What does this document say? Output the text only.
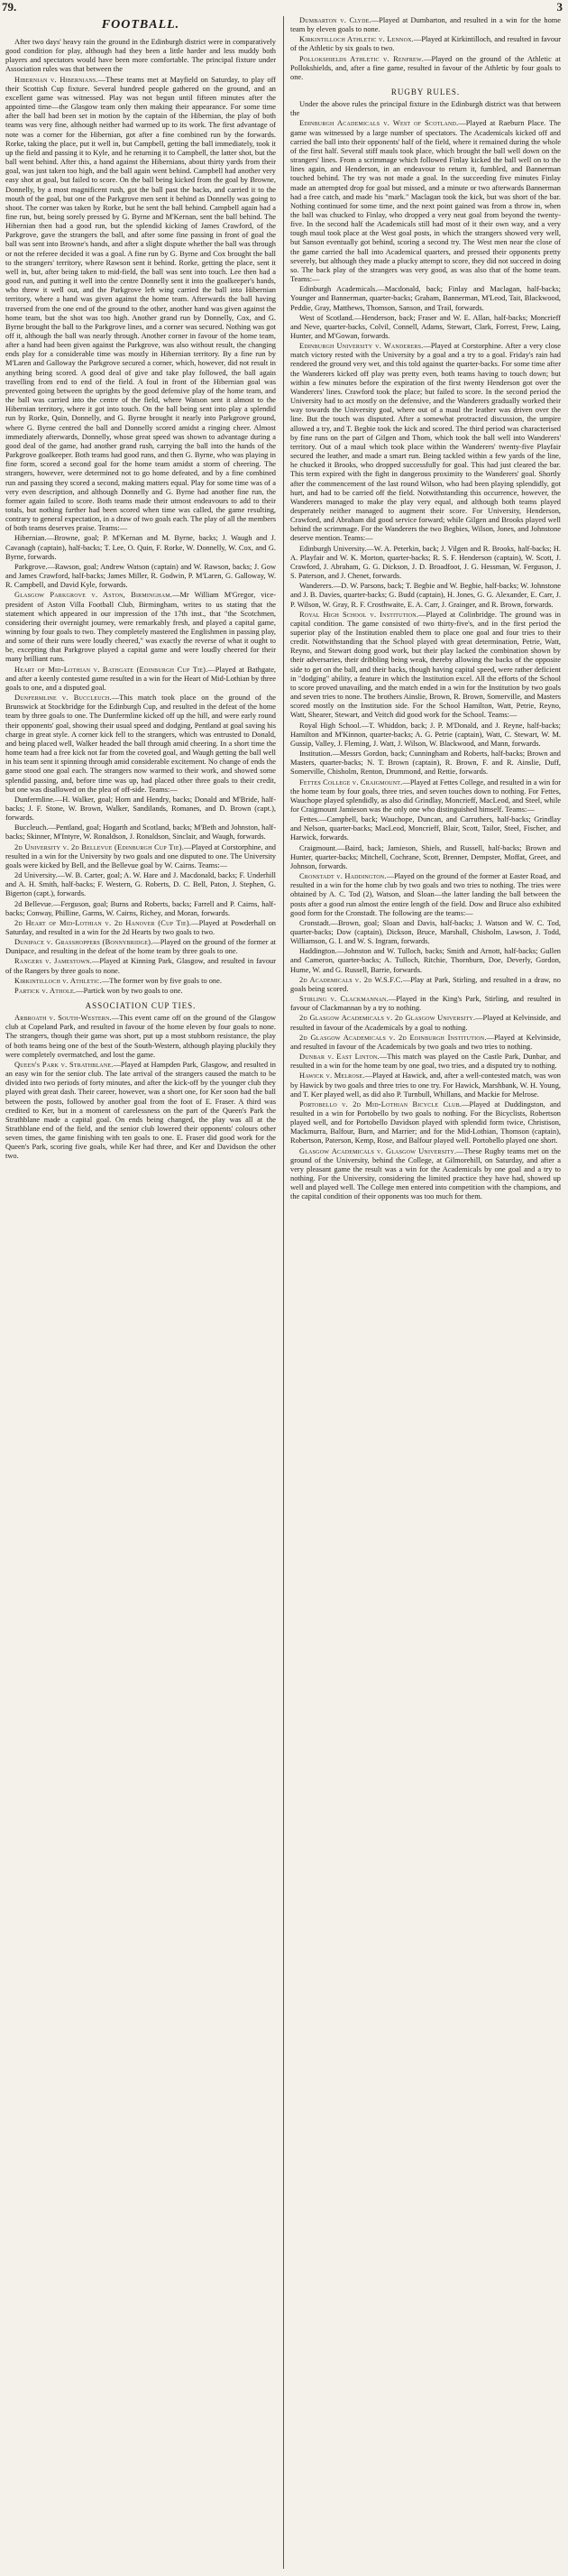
79.	3
FOOTBALL.
After two days' heavy rain the ground in the Edinburgh district were in comparatively good condition for play, although had they been a little harder and less muddy both players and spectators would have been more comfortable. The principal fixture under Association rules was that between the
Hibernian v. Hibernians.—These teams met at Mayfield on Saturday, to play off their Scottish Cup fixture. Several hundred people gathered on the ground, and an excellent game was witnessed. Play was not begun until fifteen minutes after the appointed time—the Glasgow team only then making their appearance. For some time after the ball had been set in motion by the captain of the Hibernian, the play of both teams was very fine, although neither had warmed up to its work. The first advantage of note was a corner for the Hibernian, got after a fine combined run by the forwards. Rorke, taking the place, put it well in, but Campbell, getting the ball immediately, took it up the field and passing it to Kyle, and he returning it to Campbell, the latter shot, but the ball went behind. After this, a hand against the Hibernians, about thirty yards from their goal, was just taken too high, and the ball again went behind. Campbell had another very easy shot at goal, but failed to score. On the ball being kicked from the goal by Browne, Donnelly, by a most magnificent rush, got the ball past the backs, and carried it to the mouth of the goal, but one of the Parkgrove men sent it behind as Donnelly was going to shoot. The corner was taken by Rorke, but he sent the ball behind. Campbell again had a fine run, but, being sorely pressed by G. Byrne and M'Kernan, sent the ball behind. The Hibernian then had a good run, but the splendid kicking of James Crawford, of the Parkgrove, gave the strangers the ball, and after some fine passing in front of goal the ball was sent into Browne's hands, and after a slight dispute whether the ball was through or not the referee decided it was a goal. A fine run by G. Byrne and Cox brought the ball to the strangers' territory, where Rawson sent it behind. Rorke, getting the place, sent it well in, but, after being taken to mid-field, the ball was sent into touch. Lee then had a good run, and putting it well into the centre Donnelly sent it into the goalkeeper's hands, who threw it well out, and the Parkgrove left wing carried the ball into Hibernian territory, where a hand was given against the home team. Afterwards the ball having traversed from the one end of the ground to the other, another hand was given against the home team, but the shot was too high. Another grand run by Donnelly, Cox, and G. Byrne brought the ball to the Parkgrove lines, and a corner was secured. Nothing was got off it, although the ball was nearly through. Another corner in favour of the home team, after a hand had been given against the Parkgrove, was also without result, the changing ends play for a considerable time was mostly in Hibernian territory. By a fine run by M'Laren and Galloway the Parkgrove secured a corner, which, however, did not result in anything being scored. A good deal of give and take play followed, the ball again travelling from end to end of the field. A foul in front of the Hibernian goal was prevented going between the uprights by the good defensive play of the home team, and the ball was carried into the centre of the field, where Watson sent it almost to the Hibernian territory, where it got into touch. On the ball being sent into play a splendid run by Rorke, Quin, Donnelly, and G. Byrne brought it nearly into Parkgrove ground, where G. Byrne centred the ball and Donnelly scored amidst a ringing cheer. Almost immediately afterwards, Donnelly, whose great speed was shown to advantage during a good deal of the game, had another grand rush, carrying the ball into the hands of the Parkgrove goalkeeper. Both teams had good runs, and then G. Byrne, who was playing in fine form, scored a second goal for the home team amidst a storm of cheering. The strangers, however, were determined not to go home defeated, and by a fine combined run and passing they scored a second, making matters equal. Play for some time was of a very even description, and although Donnelly and G. Byrne had another fine run, the former again failed to score. Both teams made their utmost endeavours to add to their totals, but nothing further had been scored when time was called, the game resulting, contrary to general expectation, in a draw of two goals each. The play of all the members of both teams deserves praise. Teams:—
Hibernian.—Browne, goal; P. M'Kernan and M. Byrne, backs; J. Waugh and J. Cavanagh (captain), half-backs; T. Lee, O. Quin, F. Rorke, W. Donnelly, W. Cox, and G. Byrne, forwards.
Parkgrove.—Rawson, goal; Andrew Watson (captain) and W. Rawson, backs; J. Gow and James Crawford, half-backs; James Miller, R. Godwin, P. M'Laren, G. Galloway, W. R. Campbell, and David Kyle, forwards.
Glasgow Parkgrove v. Aston, Birmingham.—Mr William M'Gregor, vice-president of Aston Villa Football Club, Birmingham, writes to us stating that the statement which appeared in our impression of the 17th inst., that "the Scotchmen, considering their overnight journey, were remarkably fresh, and played a capital game, winning by four goals to two. They completely mastered the Englishmen in passing play, and some of their runs were loudly cheered," was exactly the reverse of what it ought to be, excepting that Parkgrove played a capital game and were loudly cheered for their many brilliant runs.
Heart of Mid-Lothian v. Bathgate (Edinburgh Cup Tie).—Played at Bathgate, and after a keenly contested game resulted in a win for the Heart of Mid-Lothian by three goals to one, and a disputed goal.
Dunfermline v. Buccleuch.—This match took place on the ground of the Brunswick at Stockbridge for the Edinburgh Cup, and resulted in the defeat of the home team by three goals to one. The Dunfermline kicked off up the hill, and were early round their opponents' goal, showing their usual speed and dodging, Pentland at goal saving his charge in great style. A corner kick fell to the strangers, which was entrusted to Donald, and being placed well, Walker headed the ball through amid cheering. In a short time the home team had a free kick not far from the coveted goal, and Waugh getting the ball well in his team sent it spinning through amid considerable excitement. No change of ends the game stood one goal each. The strangers now warmed to their work, and showed some splendid passing, and, before time was up, had placed other three goals to their credit, but one was disallowed on the plea of off-side. Teams:—
Dunfermline.—H. Walker, goal; Horn and Hendry, backs; Donald and M'Bride, half-backs; J. F. Stone, W. Brown, Walker, Sandilands, Romanes, and D. Brown (capt.), forwards.
Buccleuch.—Pentland, goal; Hogarth and Scotland, backs; M'Beth and Johnston, half-backs; Skinner, M'Intyre, W. Ronaldson, J. Ronaldson, Sinclair, and Waugh, forwards.
2d University v. 2d Bellevue (Edinburgh Cup Tie).—Played at Corstorphine, and resulted in a win for the University by two goals and one disputed to one. The University goals were kicked by Bell, and the Bellevue goal by W. Cairns. Teams:—
2d University.—W. B. Carter, goal; A. W. Hare and J. Macdonald, backs; F. Underhill and A. H. Smith, half-backs; F. Western, G. Roberts, D. C. Bell, Paton, J. Stephen, G. Bigerton (capt.), forwards.
2d Bellevue.—Ferguson, goal; Burns and Roberts, backs; Farrell and P. Cairns, half-backs; Conway, Philline, Garms, W. Cairns, Richey, and Moran, forwards.
2d Heart of Mid-Lothian v. 2d Hanover (Cup Tie).—Played at Powderhall on Saturday, and resulted in a win for the 2d Hearts by two goals to two.
Dunipace v. Grasshoppers (Bonnybridge).—Played on the ground of the former at Dunipace, and resulting in the defeat of the home team by three goals to one.
Rangers v. Jamestown.—Played at Kinning Park, Glasgow, and resulted in favour of the Rangers by three goals to none.
Kirkintilloch v. Athletic.—The former won by five goals to one.
Partick v. Athole.—Partick won by two goals to one.
ASSOCIATION CUP TIES.
Arbroath v. South-Western.—This event came off on the ground of the Glasgow club at Copeland Park, and resulted in favour of the home eleven by four goals to none. The strangers, though their game was short, put up a most stubborn resistance, the play of both teams being one of the best of the South-Western, although playing pluckily they were completely overmatched, and lost the game.
Queen's Park v. Strathblane.—Played at Hampden Park, Glasgow, and resulted in an easy win for the senior club. The late arrival of the strangers caused the match to be divided into two periods of forty minutes, and after the kick-off by the younger club they played with great dash. Their career, however, was a short one, for Ker soon had the ball between the posts, followed by another goal from the foot of E. Fraser. A third was credited to Ker, but in a moment of carelessness on the part of the Queen's Park the Strathblane made a capital goal. On ends being changed, the play was all at the Strathblane end of the field, and the senior club lowered their opponents' colours other seven times, the game finishing with ten goals to one. E. Fraser did good work for the Queen's Park, scoring five goals, while Ker had three, and Ker and Davidson the other two.
Dumbarton v. Clyde.—Played at Dumbarton, and resulted in a win for the home team by eleven goals to none.
Kirkintilloch Athletic v. Lennox.—Played at Kirkintilloch, and resulted in favour of the Athletic by six goals to two.
Pollokshields Athletic v. Renfrew.—Played on the ground of the Athletic at Pollokshields, and, after a fine game, resulted in favour of the Athletic by four goals to one.
RUGBY RULES.
Under the above rules the principal fixture in the Edinburgh district was that between the
Edinburgh Academicals v. West of Scotland.—Played at Raeburn Place. The game was witnessed by a large number of spectators. The Academicals kicked off and carried the ball into their opponents' half of the field, where it remained during the whole of the first half. Several stiff mauls took place, which brought the ball well down on the strangers' lines. From a scrimmage which followed Finlay kicked the ball well on to the lines again, and Henderson, in an endeavour to return it, fumbled, and Bannerman touched behind. The try was not made a goal. In the succeeding five minutes Finlay made an attempted drop for goal but missed, and a minute or two afterwards Bannerman had a free catch, and made his "mark." Maclagan took the kick, but was short of the bar. Nothing continued for some time, and the next point gained was from a throw in, when the ball was chucked to Finlay, who dropped a very neat goal from beyond the twenty-five. In the second half the Academicals still had most of it their own way, and a very tough maul took place at the West goal posts, in which the strangers showed very well, but Sanson eventually got behind, scoring a second try. The West men near the close of the game carried the ball into Academical quarters, and pressed their opponents pretty severely, but although they made a plucky attempt to score, they did not succeed in doing so. The back play of the strangers was very good, as was also that of the home team. Teams:—
Edinburgh Academicals.—Macdonald, back; Finlay and Maclagan, half-backs; Younger and Bannerman, quarter-backs; Graham, Bannerman, M'Leod, Tait, Blackwood, Peddie, Gray, Matthews, Thomson, Sanson, and Trail, forwards.
West of Scotland.—Henderson, back; Fraser and W. E. Allan, half-backs; Moncrieff and Neve, quarter-backs, Colvil, Connell, Adams, Stewart, Clark, Forrest, Frew, Laing, Hunter, and M'Gowan, forwards.
Edinburgh University v. Wanderers.—Played at Corstorphine. After a very close match victory rested with the University by a goal and a try to a goal. Friday's rain had rendered the ground very wet, and this told against the quarter-backs. For some time after the Wanderers kicked off play was pretty even, both teams having to touch down; but within a few minutes before the expiration of the first twenty Henderson got over the Wanderers' lines. Crawford took the place; but failed to score. In the second period the University had to act mostly on the defensive, and the Wanderers gradually worked their way towards the University goal, where out of a maul the leather was driven over the line. But the touch was disputed. After a somewhat protracted discussion, the umpire allowed a try, and T. Begbie took the kick and scored. The third period was characterised by fine runs on the part of Gilgen and Thom, which took the ball well into Wanderers' territory. Out of a maul which took place within the Wanderers' twenty-five Playfair secured the leather, and made a smart run. Being tackled within a few yards of the line, he chucked it Brooks, who dropped successfully for goal. This had just cleared the bar. This term expired with the fight in dangerous proximity to the Wanderers' goal. Shortly after the commencement of the last round Wilson, who had been playing splendidly, got hurt, and had to be carried off the field. Notwithstanding this occurrence, however, the Wanderers managed to make the play very equal, and although both teams played desperately neither managed to augment their score. For University, Henderson, Crawford, and Abraham did good service forward; while Gilgen and Brooks played well behind the scrimmage. For the Wanderers the two Begbies, Wilson, Jones, and Johnstone deserve mention. Teams:—
Edinburgh University.—W. A. Peterkin, back; J. Vilgen and R. Brooks, half-backs; H. A. Playfair and W. K. Morton, quarter-backs; R. S. F. Henderson (captain), W. Scott, J. Crawford, J. Abraham, G. G. Dickson, J. D. Broadfoot, J. G. Hessman, W. Ferguson, J. S. Paterson, and J. Chenet, forwards.
Wanderers.—D. W. Parsons, back; T. Begbie and W. Begbie, half-backs; W. Johnstone and J. B. Davies, quarter-backs; G. Budd (captain), H. Jones, G. G. Alexander, E. Carr, J. P. Wilson, W. Gray, R. F. Crosthwaite, E. A. Carr, J. Grainger, and R. Brown, forwards.
Royal High School v. Institution.—Played at Colinbridge. The ground was in capital condition. The game consisted of two thirty-five's, and in the first period the superior play of the Institution enabled them to place one goal and four tries to their credit. Notwithstanding that the School played with great determination, Petrie, Watt, Reyno, and Stewart doing good work, but their play lacked the combination shown by their adversaries, their dribbling being weak, thereby allowing the backs of the opposite side to get on the ball, and their backs, though having capital speed, were rather deficient in "dodging" ability, a feature in which the Institution excel. All the efforts of the School to score proved unavailing, and the match ended in a win for the Institution by two goals and seven tries to none. The brothers Ainslie, Brown, R. Brown, Somerville, and Masters scored mostly on the Institution side. For the School Hamilton, Watt, Petrie, Reyno, Watt, Shearer, Stewart, and Veitch did good work for the School. Teams:—
Royal High School.—T. Whiddon, back; J. P. M'Donald, and J. Reyne, half-backs; Hamilton and M'Kinnon, quarter-backs; A. G. Petrie (captain), Watt, C. Stewart, W. M. Gussip, Valley, J. Fleming, J. Watt, J. Wilson, W. Blackwood, and Mann, forwards.
Institution.—Messrs Gordon, back; Cunningham and Roberts, half-backs; Brown and Masters, quarter-backs; N. T. Brown (captain), R. Brown, F. and R. Ainslie, Duff, Somerville, Chisholm, Renton, Drummond, and Rettie, forwards.
Fettes College v. Craigmount.—Played at Fettes College, and resulted in a win for the home team by four goals, three tries, and seven touches down to nothing. For Fettes, Wauchope played splendidly, as also did Grindlay, Moncrieff, MacLeod, and Steel, while for Craigmount Jamieson was the only one who distinguished himself. Teams:—
Fettes.—Campbell, back; Wauchope, Duncan, and Carruthers, half-backs; Grindlay and Nelson, quarter-backs; MacLeod, Moncrieff, Blair, Scott, Tailor, Steel, Fischer, and Harwick, forwards.
Craigmount.—Baird, back; Jamieson, Shiels, and Russell, half-backs; Brown and Hunter, quarter-backs; Mitchell, Cochrane, Scott, Brenner, Dempster, Moffat, Greet, and Johnson, forwards.
Cronstadt v. Haddington.—Played on the ground of the former at Easter Road, and resulted in a win for the home club by two goals and two tries to nothing. The tries were obtained by A. C. Tod (2), Watson, and Sloan—the latter landing the ball between the posts after a good run almost the entire length of the field. Dow and Bruce also exhibited good form for the Cronstadt. The following are the teams:—
Cronstadt.—Brown, goal; Sloan and Davis, half-backs; J. Watson and W. C. Tod, quarter-backs; Dow (captain), Dickson, Bruce, Marshall, Chisholm, Lawson, J. Todd, Williamson, G. I. and W. S. Ingram, forwards.
Haddington.—Johnston and W. Tulloch, backs; Smith and Arnott, half-backs; Gullen and Cameron, quarter-backs; A. Tulloch, Ritchie, Thornburn, Doe, Deverly, Gordon, Hume, W. and G. Russell, Barrie, forwards.
2d Academicals v. 2d W.S.F.C.—Play at Park, Stirling, and resulted in a draw, no goals being scored.
Stirling v. Clackmannan.—Played in the King's Park, Stirling, and resulted in favour of Clackmannan by a try to nothing.
2d Glasgow Academicals v. 2d Glasgow University.—Played at Kelvinside, and resulted in favour of the Academicals by a goal to nothing.
2d Glasgow Academicals v. 2d Edinburgh Institution.—Played at Kelvinside, and resulted in favour of the Academicals by two goals and two tries to nothing.
Dunbar v. East Linton.—This match was played on the Castle Park, Dunbar, and resulted in a win for the home team by one goal, two tries, and a disputed try to nothing.
Hawick v. Melrose.—Played at Hawick, and, after a well-contested match, was won by Hawick by two goals and three tries to one try. For Hawick, Marshbank, W. H. Young, and T. Ker played well, as did also P. Turnbull, Whillans, and Mackie for Melrose.
Portobello v. 2d Mid-Lothian Bicycle Club.—Played at Duddingston, and resulted in a win for Portobello by two goals to nothing. For the Bicyclists, Robertson played well, and for Portobello Davidson played with splendid form twice, Christison, Mackmurra, Balfour, Burn, and Marrier; and for the Mid-Lothian, Thomson (captain), Robertson, Paterson, Kemp, Rose, and Balfour played well. Portobello played one short.
Glasgow Academicals v. Glasgow University.—These Rugby teams met on the ground of the University, behind the College, at Gilmorehill, on Saturday, and after a very pleasant game the result was a win for the Academicals by one goal and a try to nothing. For the University, considering the limited practice they have had, showed up well and played well. The College men entered into competition with the champions, and the capital condition of their opponents was too much for them.
